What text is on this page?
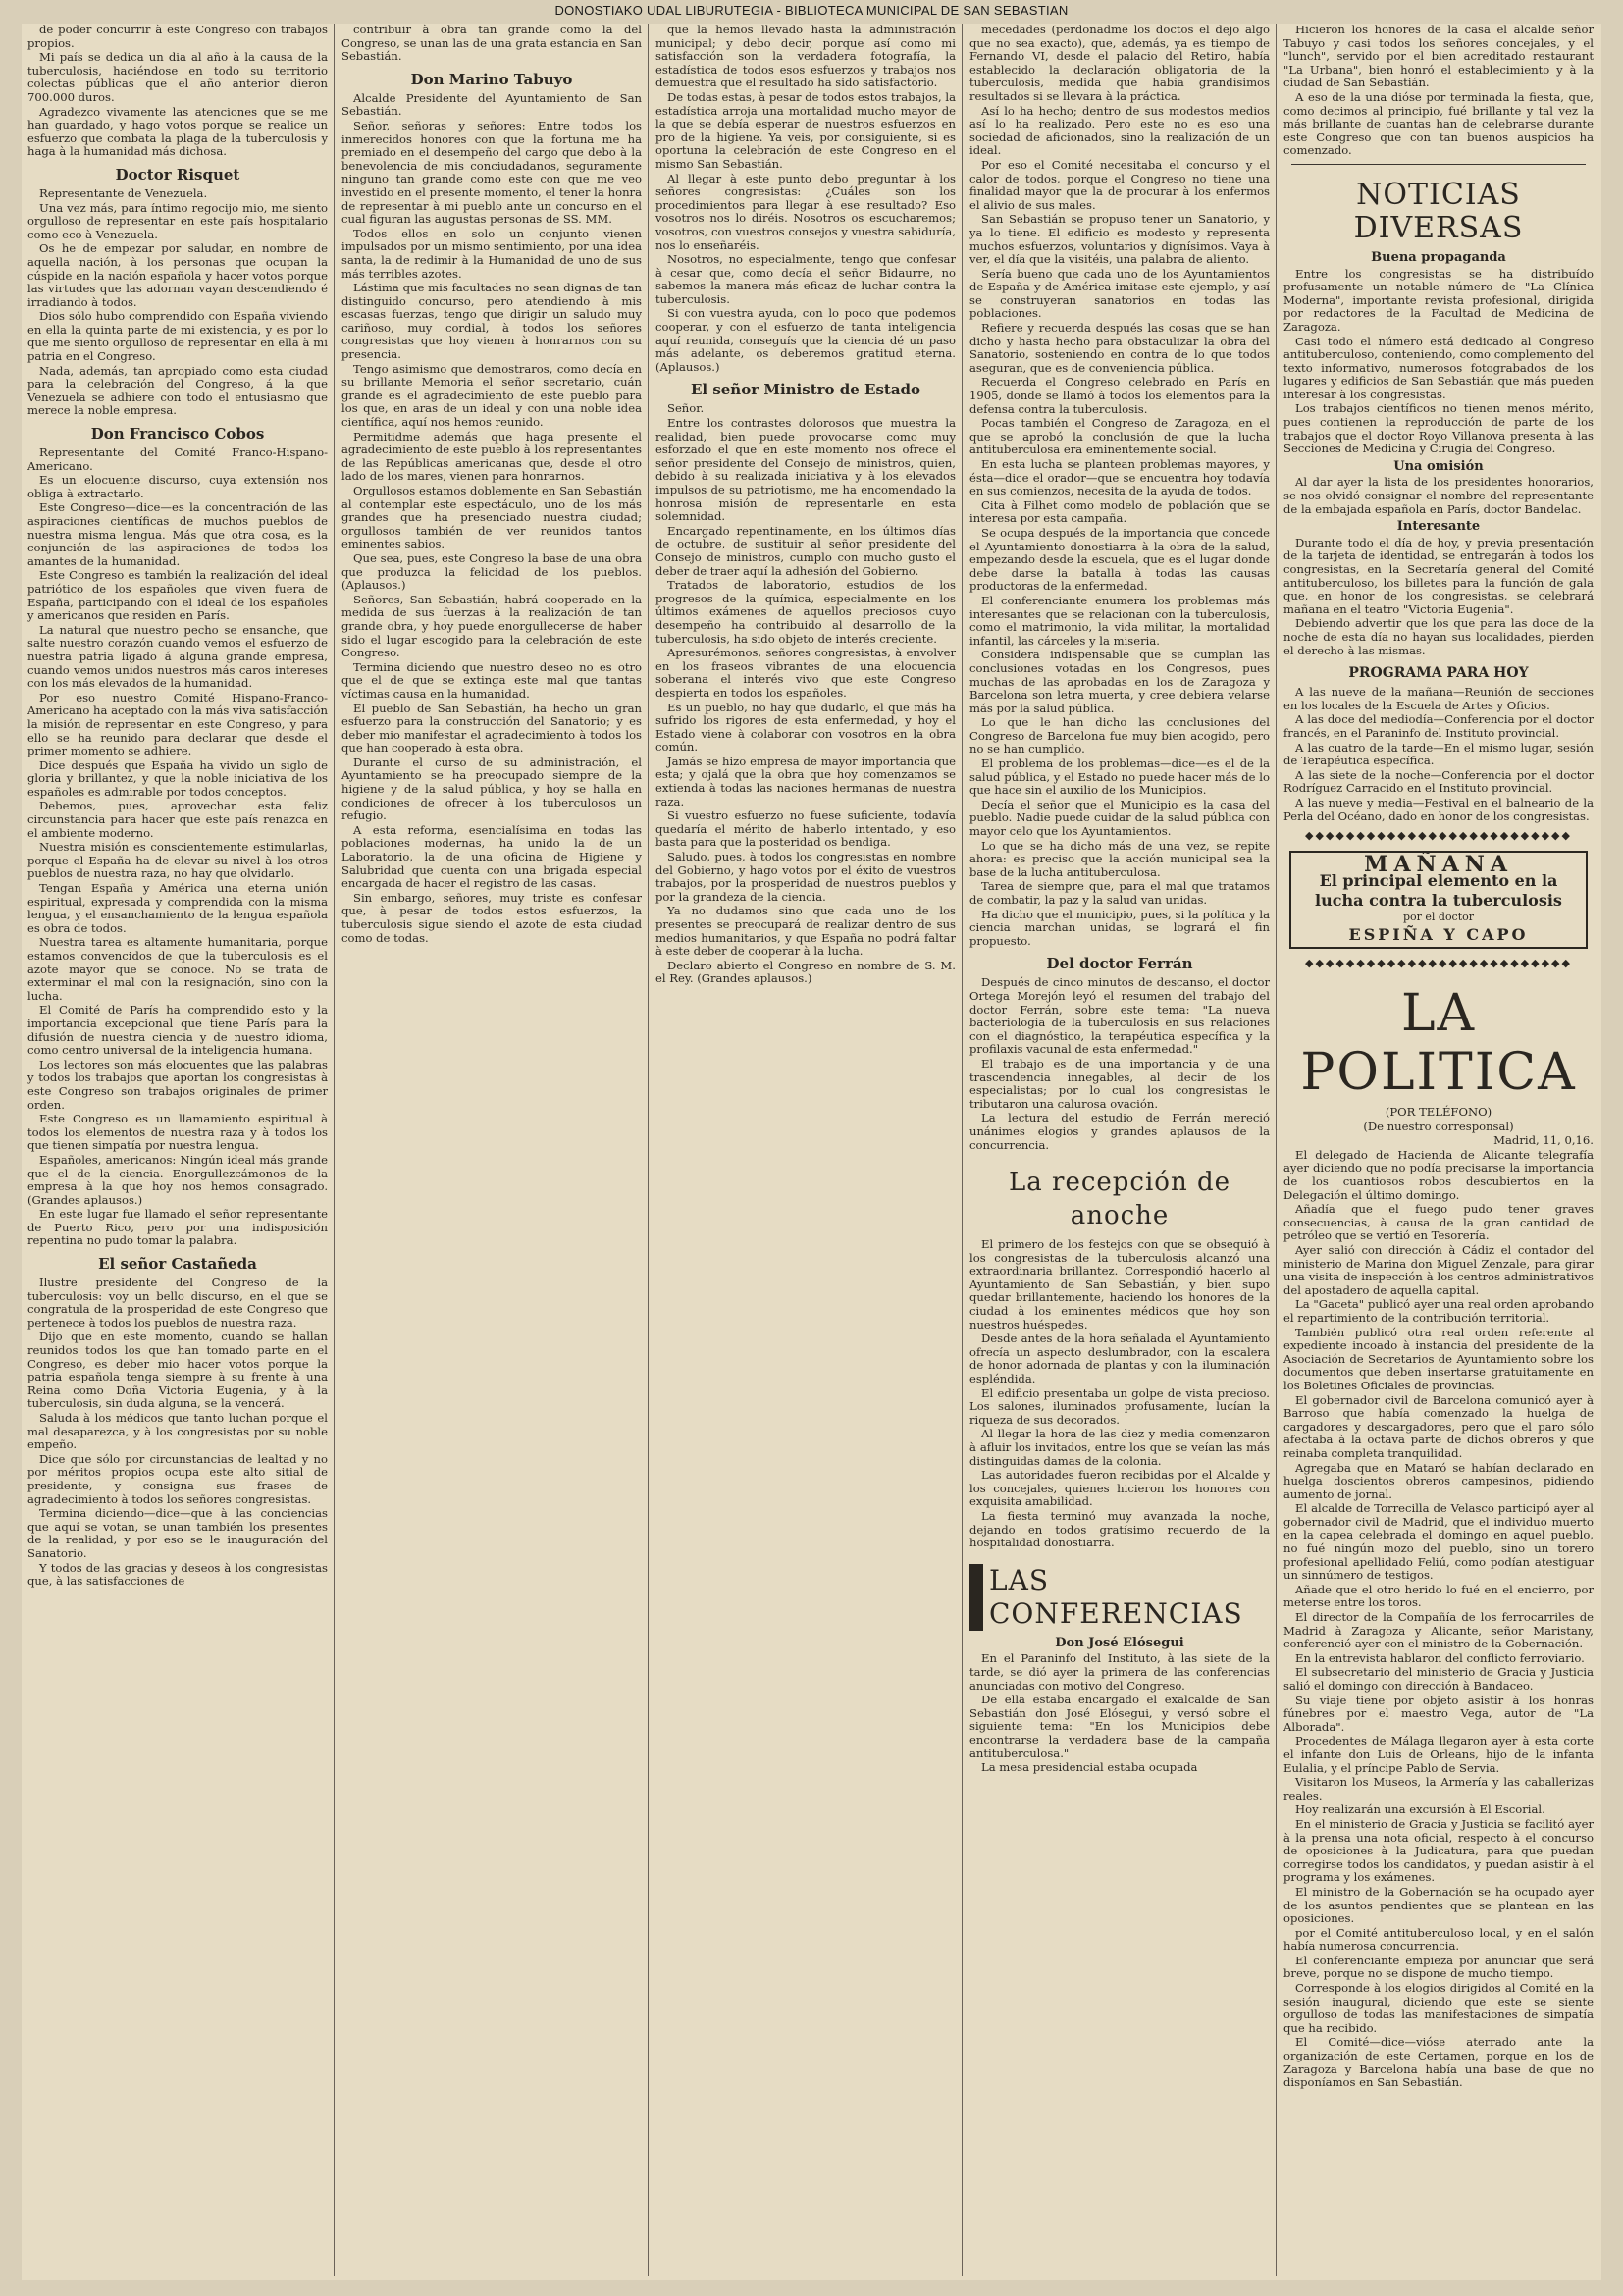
DONOSTIAKO UDAL LIBURUTEGIA - BIBLIOTECA MUNICIPAL DE SAN SEBASTIAN

de poder concurrir à este Congreso con trabajos propios.

Mi país se dedica un dia al año à la causa de la tuberculosis, haciéndose en todo su territorio colectas públicas que el año anterior dieron 700.000 duros.

Agradezco vivamente las atenciones que se me han guardado, y hago votos porque se realice un esfuerzo que combata la plaga de la tuberculosis y haga à la humanidad más dichosa.

Doctor Risquet

Representante de Venezuela.

Una vez más, para íntimo regocijo mio, me siento orgulloso de representar en este país hospitalario como eco à Venezuela.

Os he de empezar por saludar, en nombre de aquella nación, à los personas que ocupan la cúspide en la nación española y hacer votos porque las virtudes que las adornan vayan descendiendo é irradiando à todos.

Dios sólo hubo comprendido con España viviendo en ella la quinta parte de mi existencia, y es por lo que me siento orgulloso de representar en ella à mi patria en el Congreso.

Nada, además, tan apropiado como esta ciudad para la celebración del Congreso, á la que Venezuela se adhiere con todo el entusiasmo que merece la noble empresa.

Don Francisco Cobos

Representante del Comité Franco-Hispano-Americano.

Es un elocuente discurso, cuya extensión nos obliga à extractarlo.

Este Congreso—dice—es la concentración de las aspiraciones científicas de muchos pueblos de nuestra misma lengua. Más que otra cosa, es la conjunción de las aspiraciones de todos los amantes de la humanidad.

Este Congreso es también la realización del ideal patriótico de los españoles que viven fuera de España, participando con el ideal de los españoles y americanos que residen en París.

La natural que nuestro pecho se ensanche, que salte nuestro corazón cuando vemos el esfuerzo de nuestra patria ligado á alguna grande empresa, cuando vemos unidos nuestros más caros intereses con los más elevados de la humanidad.

Por eso nuestro Comité Hispano-Franco-Americano ha aceptado con la más viva satisfacción la misión de representar en este Congreso, y para ello se ha reunido para declarar que desde el primer momento se adhiere.

Dice después que España ha vivido un siglo de gloria y brillantez, y que la noble iniciativa de los españoles es admirable por todos conceptos.

Debemos, pues, aprovechar esta feliz circunstancia para hacer que este país renazca en el ambiente moderno.

Nuestra misión es conscientemente estimularlas, porque el España ha de elevar su nivel à los otros pueblos de nuestra raza, no hay que olvidarlo.

Tengan España y América una eterna unión espiritual, expresada y comprendida con la misma lengua, y el ensanchamiento de la lengua española es obra de todos.

Nuestra tarea es altamente humanitaria, porque estamos convencidos de que la tuberculosis es el azote mayor que se conoce. No se trata de exterminar el mal con la resignación, sino con la lucha.

El Comité de París ha comprendido esto y la importancia excepcional que tiene París para la difusión de nuestra ciencia y de nuestro idioma, como centro universal de la inteligencia humana.

Los lectores son más elocuentes que las palabras y todos los trabajos que aportan los congresistas à este Congreso son trabajos originales de primer orden.

Este Congreso es un llamamiento espiritual à todos los elementos de nuestra raza y à todos los que tienen simpatía por nuestra lengua.

Españoles, americanos: Ningún ideal más grande que el de la ciencia. Enorgullezcámonos de la empresa à la que hoy nos hemos consagrado. (Grandes aplausos.)

En este lugar fue llamado el señor representante de Puerto Rico, pero por una indisposición repentina no pudo tomar la palabra.

El señor Castañeda

Ilustre presidente del Congreso de la tuberculosis: voy un bello discurso, en el que se congratula de la prosperidad de este Congreso que pertenece à todos los pueblos de nuestra raza.

Dijo que en este momento, cuando se hallan reunidos todos los que han tomado parte en el Congreso, es deber mio hacer votos porque la patria española tenga siempre à su frente à una Reina como Doña Victoria Eugenia, y à la tuberculosis, sin duda alguna, se la vencerá.

Saluda à los médicos que tanto luchan porque el mal desaparezca, y à los congresistas por su noble empeño.

Dice que sólo por circunstancias de lealtad y no por méritos propios ocupa este alto sitial de presidente, y consigna sus frases de agradecimiento à todos los señores congresistas.

Termina diciendo—dice—que à las conciencias que aquí se votan, se unan también los presentes de la realidad, y por eso se le inauguración del Sanatorio.

Y todos de las gracias y deseos à los congresistas que, à las satisfacciones de

contribuir à obra tan grande como la del Congreso, se unan las de una grata estancia en San Sebastián.

Don Marino Tabuyo

Alcalde Presidente del Ayuntamiento de San Sebastián.

Señor, señoras y señores: Entre todos los inmerecidos honores con que la fortuna me ha premiado en el desempeño del cargo que debo à la benevolencia de mis conciudadanos, seguramente ninguno tan grande como este con que me veo investido en el presente momento, el tener la honra de representar à mi pueblo ante un concurso en el cual figuran las augustas personas de SS. MM.

Todos ellos en solo un conjunto vienen impulsados por un mismo sentimiento, por una idea santa, la de redimir à la Humanidad de uno de sus más terribles azotes.

Lástima que mis facultades no sean dignas de tan distinguido concurso, pero atendiendo à mis escasas fuerzas, tengo que dirigir un saludo muy cariñoso, muy cordial, à todos los señores congresistas que hoy vienen à honrarnos con su presencia.

Tengo asimismo que demostraros, como decía en su brillante Memoria el señor secretario, cuán grande es el agradecimiento de este pueblo para los que, en aras de un ideal y con una noble idea científica, aquí nos hemos reunido.

Permitidme además que haga presente el agradecimiento de este pueblo à los representantes de las Repúblicas americanas que, desde el otro lado de los mares, vienen para honrarnos.

Orgullosos estamos doblemente en San Sebastián al contemplar este espectáculo, uno de los más grandes que ha presenciado nuestra ciudad; orgullosos también de ver reunidos tantos eminentes sabios.

Que sea, pues, este Congreso la base de una obra que produzca la felicidad de los pueblos. (Aplausos.)

Señores, San Sebastián, habrá cooperado en la medida de sus fuerzas à la realización de tan grande obra, y hoy puede enorgullecerse de haber sido el lugar escogido para la celebración de este Congreso.

Termina diciendo que nuestro deseo no es otro que el de que se extinga este mal que tantas víctimas causa en la humanidad.

El pueblo de San Sebastián, ha hecho un gran esfuerzo para la construcción del Sanatorio; y es deber mio manifestar el agradecimiento à todos los que han cooperado à esta obra.

Durante el curso de su administración, el Ayuntamiento se ha preocupado siempre de la higiene y de la salud pública, y hoy se halla en condiciones de ofrecer à los tuberculosos un refugio.

A esta reforma, esencialísima en todas las poblaciones modernas, ha unido la de un Laboratorio, la de una oficina de Higiene y Salubridad que cuenta con una brigada especial encargada de hacer el registro de las casas.

Sin embargo, señores, muy triste es confesar que, à pesar de todos estos esfuerzos, la tuberculosis sigue siendo el azote de esta ciudad como de todas.

que la hemos llevado hasta la administración municipal; y debo decir, porque así como mi satisfacción son la verdadera fotografía, la estadística de todos esos esfuerzos y trabajos nos demuestra que el resultado ha sido satisfactorio.

De todas estas, à pesar de todos estos trabajos, la estadística arroja una mortalidad mucho mayor de la que se debía esperar de nuestros esfuerzos en pro de la higiene. Ya veis, por consiguiente, si es oportuna la celebración de este Congreso en el mismo San Sebastián.

Al llegar à este punto debo preguntar à los señores congresistas: ¿Cuáles son los procedimientos para llegar à ese resultado? Eso vosotros nos lo diréis. Nosotros os escucharemos; vosotros, con vuestros consejos y vuestra sabiduría, nos lo enseñaréis.

Nosotros, no especialmente, tengo que confesar à cesar que, como decía el señor Bidaurre, no sabemos la manera más eficaz de luchar contra la tuberculosis.

Si con vuestra ayuda, con lo poco que podemos cooperar, y con el esfuerzo de tanta inteligencia aquí reunida, conseguís que la ciencia dé un paso más adelante, os deberemos gratitud eterna. (Aplausos.)

El señor Ministro de Estado

Señor.

Entre los contrastes dolorosos que muestra la realidad, bien puede provocarse como muy esforzado el que en este momento nos ofrece el señor presidente del Consejo de ministros, quien, debido à su realizada iniciativa y à los elevados impulsos de su patriotismo, me ha encomendado la honrosa misión de representarle en esta solemnidad.

Encargado repentinamente, en los últimos días de octubre, de sustituir al señor presidente del Consejo de ministros, cumplo con mucho gusto el deber de traer aquí la adhesión del Gobierno.

Tratados de laboratorio, estudios de los progresos de la química, especialmente en los últimos exámenes de aquellos preciosos cuyo desempeño ha contribuido al desarrollo de la tuberculosis, ha sido objeto de interés creciente.

Apresurémonos, señores congresistas, à envolver en los fraseos vibrantes de una elocuencia soberana el interés vivo que este Congreso despierta en todos los españoles.

Es un pueblo, no hay que dudarlo, el que más ha sufrido los rigores de esta enfermedad, y hoy el Estado viene à colaborar con vosotros en la obra común.

Jamás se hizo empresa de mayor importancia que esta; y ojalá que la obra que hoy comenzamos se extienda à todas las naciones hermanas de nuestra raza.

Si vuestro esfuerzo no fuese suficiente, todavía quedaría el mérito de haberlo intentado, y eso basta para que la posteridad os bendiga.

Saludo, pues, à todos los congresistas en nombre del Gobierno, y hago votos por el éxito de vuestros trabajos, por la prosperidad de nuestros pueblos y por la grandeza de la ciencia.

Ya no dudamos sino que cada uno de los presentes se preocupará de realizar dentro de sus medios humanitarios, y que España no podrá faltar à este deber de cooperar à la lucha.

Declaro abierto el Congreso en nombre de S. M. el Rey. (Grandes aplausos.)

mecedades (perdonadme los doctos el dejo algo que no sea exacto), que, además, ya es tiempo de Fernando VI, desde el palacio del Retiro, había establecido la declaración obligatoria de la tuberculosis, medida que había grandísimos resultados si se llevara à la práctica.

Así lo ha hecho; dentro de sus modestos medios así lo ha realizado. Pero este no es eso una sociedad de aficionados, sino la realización de un ideal.

Por eso el Comité necesitaba el concurso y el calor de todos, porque el Congreso no tiene una finalidad mayor que la de procurar à los enfermos el alivio de sus males.

San Sebastián se propuso tener un Sanatorio, y ya lo tiene. El edificio es modesto y representa muchos esfuerzos, voluntarios y dignísimos. Vaya à ver, el día que la visitéis, una palabra de aliento.

Sería bueno que cada uno de los Ayuntamientos de España y de América imitase este ejemplo, y así se construyeran sanatorios en todas las poblaciones.

Refiere y recuerda después las cosas que se han dicho y hasta hecho para obstaculizar la obra del Sanatorio, sosteniendo en contra de lo que todos aseguran, que es de conveniencia pública.

Recuerda el Congreso celebrado en París en 1905, donde se llamó à todos los elementos para la defensa contra la tuberculosis.

Pocas también el Congreso de Zaragoza, en el que se aprobó la conclusión de que la lucha antituberculosa era eminentemente social.

En esta lucha se plantean problemas mayores, y ésta—dice el orador—que se encuentra hoy todavía en sus comienzos, necesita de la ayuda de todos.

Cita à Filhet como modelo de población que se interesa por esta campaña.

Se ocupa después de la importancia que concede el Ayuntamiento donostiarra à la obra de la salud, empezando desde la escuela, que es el lugar donde debe darse la batalla à todas las causas productoras de la enfermedad.

El conferenciante enumera los problemas más interesantes que se relacionan con la tuberculosis, como el matrimonio, la vida militar, la mortalidad infantil, las cárceles y la miseria.

Considera indispensable que se cumplan las conclusiones votadas en los Congresos, pues muchas de las aprobadas en los de Zaragoza y Barcelona son letra muerta, y cree debiera velarse más por la salud pública.

Lo que le han dicho las conclusiones del Congreso de Barcelona fue muy bien acogido, pero no se han cumplido.

El problema de los problemas—dice—es el de la salud pública, y el Estado no puede hacer más de lo que hace sin el auxilio de los Municipios.

Decía el señor que el Municipio es la casa del pueblo. Nadie puede cuidar de la salud pública con mayor celo que los Ayuntamientos.

Lo que se ha dicho más de una vez, se repite ahora: es preciso que la acción municipal sea la base de la lucha antituberculosa.

Tarea de siempre que, para el mal que tratamos de combatir, la paz y la salud van unidas.

Ha dicho que el municipio, pues, si la política y la ciencia marchan unidas, se logrará el fin propuesto.

Del doctor Ferrán

Después de cinco minutos de descanso, el doctor Ortega Morejón leyó el resumen del trabajo del doctor Ferrán, sobre este tema: "La nueva bacteriología de la tuberculosis en sus relaciones con el diagnóstico, la terapéutica específica y la profilaxis vacunal de esta enfermedad."

El trabajo es de una importancia y de una trascendencia innegables, al decir de los especialistas; por lo cual los congresistas le tributaron una calurosa ovación.

La lectura del estudio de Ferrán mereció unánimes elogios y grandes aplausos de la concurrencia.

La recepción de anoche

El primero de los festejos con que se obsequió à los congresistas de la tuberculosis alcanzó una extraordinaria brillantez. Correspondió hacerlo al Ayuntamiento de San Sebastián, y bien supo quedar brillantemente, haciendo los honores de la ciudad à los eminentes médicos que hoy son nuestros huéspedes.

Desde antes de la hora señalada el Ayuntamiento ofrecía un aspecto deslumbrador, con la escalera de honor adornada de plantas y con la iluminación espléndida.

El edificio presentaba un golpe de vista precioso. Los salones, iluminados profusamente, lucían la riqueza de sus decorados.

Al llegar la hora de las diez y media comenzaron à afluir los invitados, entre los que se veían las más distinguidas damas de la colonia.

Las autoridades fueron recibidas por el Alcalde y los concejales, quienes hicieron los honores con exquisita amabilidad.

La fiesta terminó muy avanzada la noche, dejando en todos gratísimo recuerdo de la hospitalidad donostiarra.

LAS CONFERENCIAS
Don José Elósegui

En el Paraninfo del Instituto, à las siete de la tarde, se dió ayer la primera de las conferencias anunciadas con motivo del Congreso.

De ella estaba encargado el exalcalde de San Sebastián don José Elósegui, y versó sobre el siguiente tema: "En los Municipios debe encontrarse la verdadera base de la campaña antituberculosa."

La mesa presidencial estaba ocupada

Hicieron los honores de la casa el alcalde señor Tabuyo y casi todos los señores concejales, y el "lunch", servido por el bien acreditado restaurant "La Urbana", bien honró el establecimiento y à la ciudad de San Sebastián.

A eso de la una dióse por terminada la fiesta, que, como decimos al principio, fué brillante y tal vez la más brillante de cuantas han de celebrarse durante este Congreso que con tan buenos auspicios ha comenzado.

NOTICIAS DIVERSAS
Buena propaganda

Entre los congresistas se ha distribuído profusamente un notable número de "La Clínica Moderna", importante revista profesional, dirigida por redactores de la Facultad de Medicina de Zaragoza.

Casi todo el número está dedicado al Congreso antituberculoso, conteniendo, como complemento del texto informativo, numerosos fotograbados de los lugares y edificios de San Sebastián que más pueden interesar à los congresistas.

Los trabajos científicos no tienen menos mérito, pues contienen la reproducción de parte de los trabajos que el doctor Royo Villanova presenta à las Secciones de Medicina y Cirugía del Congreso.

Una omisión

Al dar ayer la lista de los presidentes honorarios, se nos olvidó consignar el nombre del representante de la embajada española en París, doctor Bandelac.

Interesante

Durante todo el día de hoy, y previa presentación de la tarjeta de identidad, se entregarán à todos los congresistas, en la Secretaría general del Comité antituberculoso, los billetes para la función de gala que, en honor de los congresistas, se celebrará mañana en el teatro "Victoria Eugenia".

Debiendo advertir que los que para las doce de la noche de esta día no hayan sus localidades, pierden el derecho à las mismas.

PROGRAMA PARA HOY

A las nueve de la mañana—Reunión de secciones en los locales de la Escuela de Artes y Oficios.

A las doce del mediodía—Conferencia por el doctor francés, en el Paraninfo del Instituto provincial.

A las cuatro de la tarde—En el mismo lugar, sesión de Terapéutica específica.

A las siete de la noche—Conferencia por el doctor Rodríguez Carracido en el Instituto provincial.

A las nueve y media—Festival en el balneario de la Perla del Océano, dado en honor de los congresistas.

◆◆◆◆◆◆◆◆◆◆◆◆◆◆◆◆◆◆◆◆◆◆◆◆◆◆
MAÑANA
El principal elemento en la
lucha contra la tuberculosis
por el doctor
ESPIÑA Y CAPO
◆◆◆◆◆◆◆◆◆◆◆◆◆◆◆◆◆◆◆◆◆◆◆◆◆◆
LA POLITICA

(POR TELÉFONO)

(De nuestro corresponsal)

Madrid, 11, 0,16.

El delegado de Hacienda de Alicante telegrafía ayer diciendo que no podía precisarse la importancia de los cuantiosos robos descubiertos en la Delegación el último domingo.

Añadía que el fuego pudo tener graves consecuencias, à causa de la gran cantidad de petróleo que se vertió en Tesorería.

Ayer salió con dirección à Cádiz el contador del ministerio de Marina don Miguel Zenzale, para girar una visita de inspección à los centros administrativos del apostadero de aquella capital.

La "Gaceta" publicó ayer una real orden aprobando el repartimiento de la contribución territorial.

También publicó otra real orden referente al expediente incoado à instancia del presidente de la Asociación de Secretarios de Ayuntamiento sobre los documentos que deben insertarse gratuitamente en los Boletines Oficiales de provincias.

El gobernador civil de Barcelona comunicó ayer à Barroso que había comenzado la huelga de cargadores y descargadores, pero que el paro sólo afectaba à la octava parte de dichos obreros y que reinaba completa tranquilidad.

Agregaba que en Mataró se habían declarado en huelga doscientos obreros campesinos, pidiendo aumento de jornal.

El alcalde de Torrecilla de Velasco participó ayer al gobernador civil de Madrid, que el individuo muerto en la capea celebrada el domingo en aquel pueblo, no fué ningún mozo del pueblo, sino un torero profesional apellidado Feliú, como podían atestiguar un sinnúmero de testigos.

Añade que el otro herido lo fué en el encierro, por meterse entre los toros.

El director de la Compañía de los ferrocarriles de Madrid à Zaragoza y Alicante, señor Maristany, conferenció ayer con el ministro de la Gobernación.

En la entrevista hablaron del conflicto ferroviario.

El subsecretario del ministerio de Gracia y Justicia salió el domingo con dirección à Bandaceo.

Su viaje tiene por objeto asistir à los honras fúnebres por el maestro Vega, autor de "La Alborada".

Procedentes de Málaga llegaron ayer à esta corte el infante don Luis de Orleans, hijo de la infanta Eulalia, y el príncipe Pablo de Servia.

Visitaron los Museos, la Armería y las caballerizas reales.

Hoy realizarán una excursión à El Escorial.

En el ministerio de Gracia y Justicia se facilitó ayer à la prensa una nota oficial, respecto à el concurso de oposiciones à la Judicatura, para que puedan corregirse todos los candidatos, y puedan asistir à el programa y los exámenes.

El ministro de la Gobernación se ha ocupado ayer de los asuntos pendientes que se plantean en las oposiciones.

por el Comité antituberculoso local, y en el salón había numerosa concurrencia.

El conferenciante empieza por anunciar que será breve, porque no se dispone de mucho tiempo.

Corresponde à los elogios dirigidos al Comité en la sesión inaugural, diciendo que este se siente orgulloso de todas las manifestaciones de simpatía que ha recibido.

El Comité—dice—vióse aterrado ante la organización de este Certamen, porque en los de Zaragoza y Barcelona había una base de que no disponíamos en San Sebastián.
